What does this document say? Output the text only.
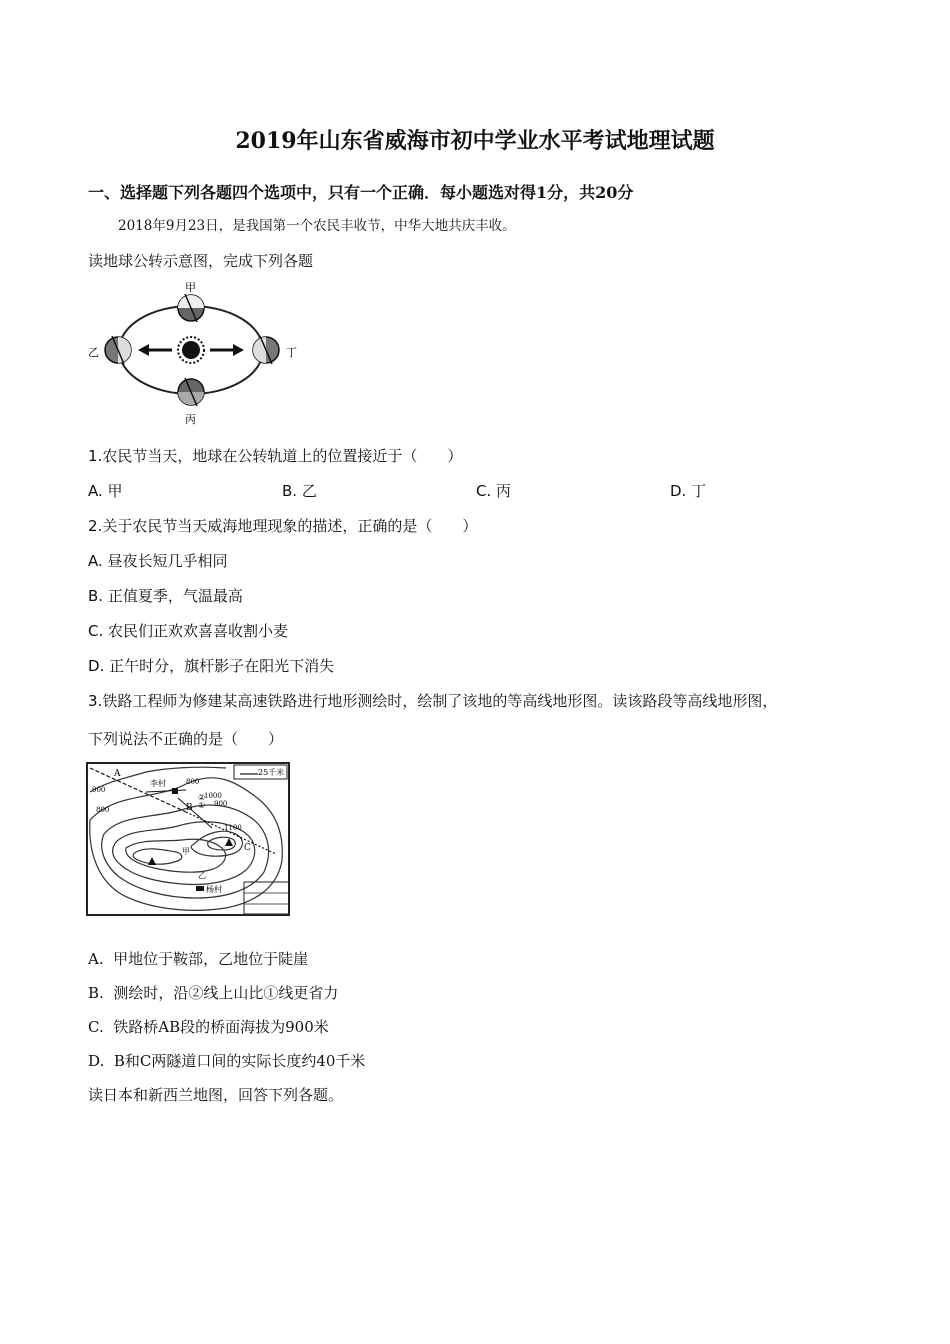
2019年山东省威海市初中学业水平考试地理试题
一、选择题下列各题四个选项中，只有一个正确．每小题选对得1分，共20分
2018年9月23日，是我国第一个农民丰收节，中华大地共庆丰收。
读地球公转示意图，完成下列各题
甲
乙
丙
丁
1.农民节当天，地球在公转轨道上的位置接近于（　　）
A. 甲	B. 乙	C. 丙	D. 丁
2.关于农民节当天威海地理现象的描述，正确的是（　　）
A. 昼夜长短几乎相同
B. 正值夏季，气温最高
C. 农民们正欢欢喜喜收割小麦
D. 正午时分，旗杆影子在阳光下消失
3.铁路工程师为修建某高速铁路进行地形测绘时，绘制了该地的等高线地形图。读该路段等高线地形图，
下列说法不正确的是（　　）
25千米
A
B
C
李村
杨村
甲
乙
900
800
800
900
1000
1100
①
②
A. 甲地位于鞍部，乙地位于陡崖
B. 测绘时，沿②线上山比①线更省力
C. 铁路桥AB段的桥面海拔为900米
D. B和C两隧道口间的实际长度约40千米
读日本和新西兰地图，回答下列各题。
